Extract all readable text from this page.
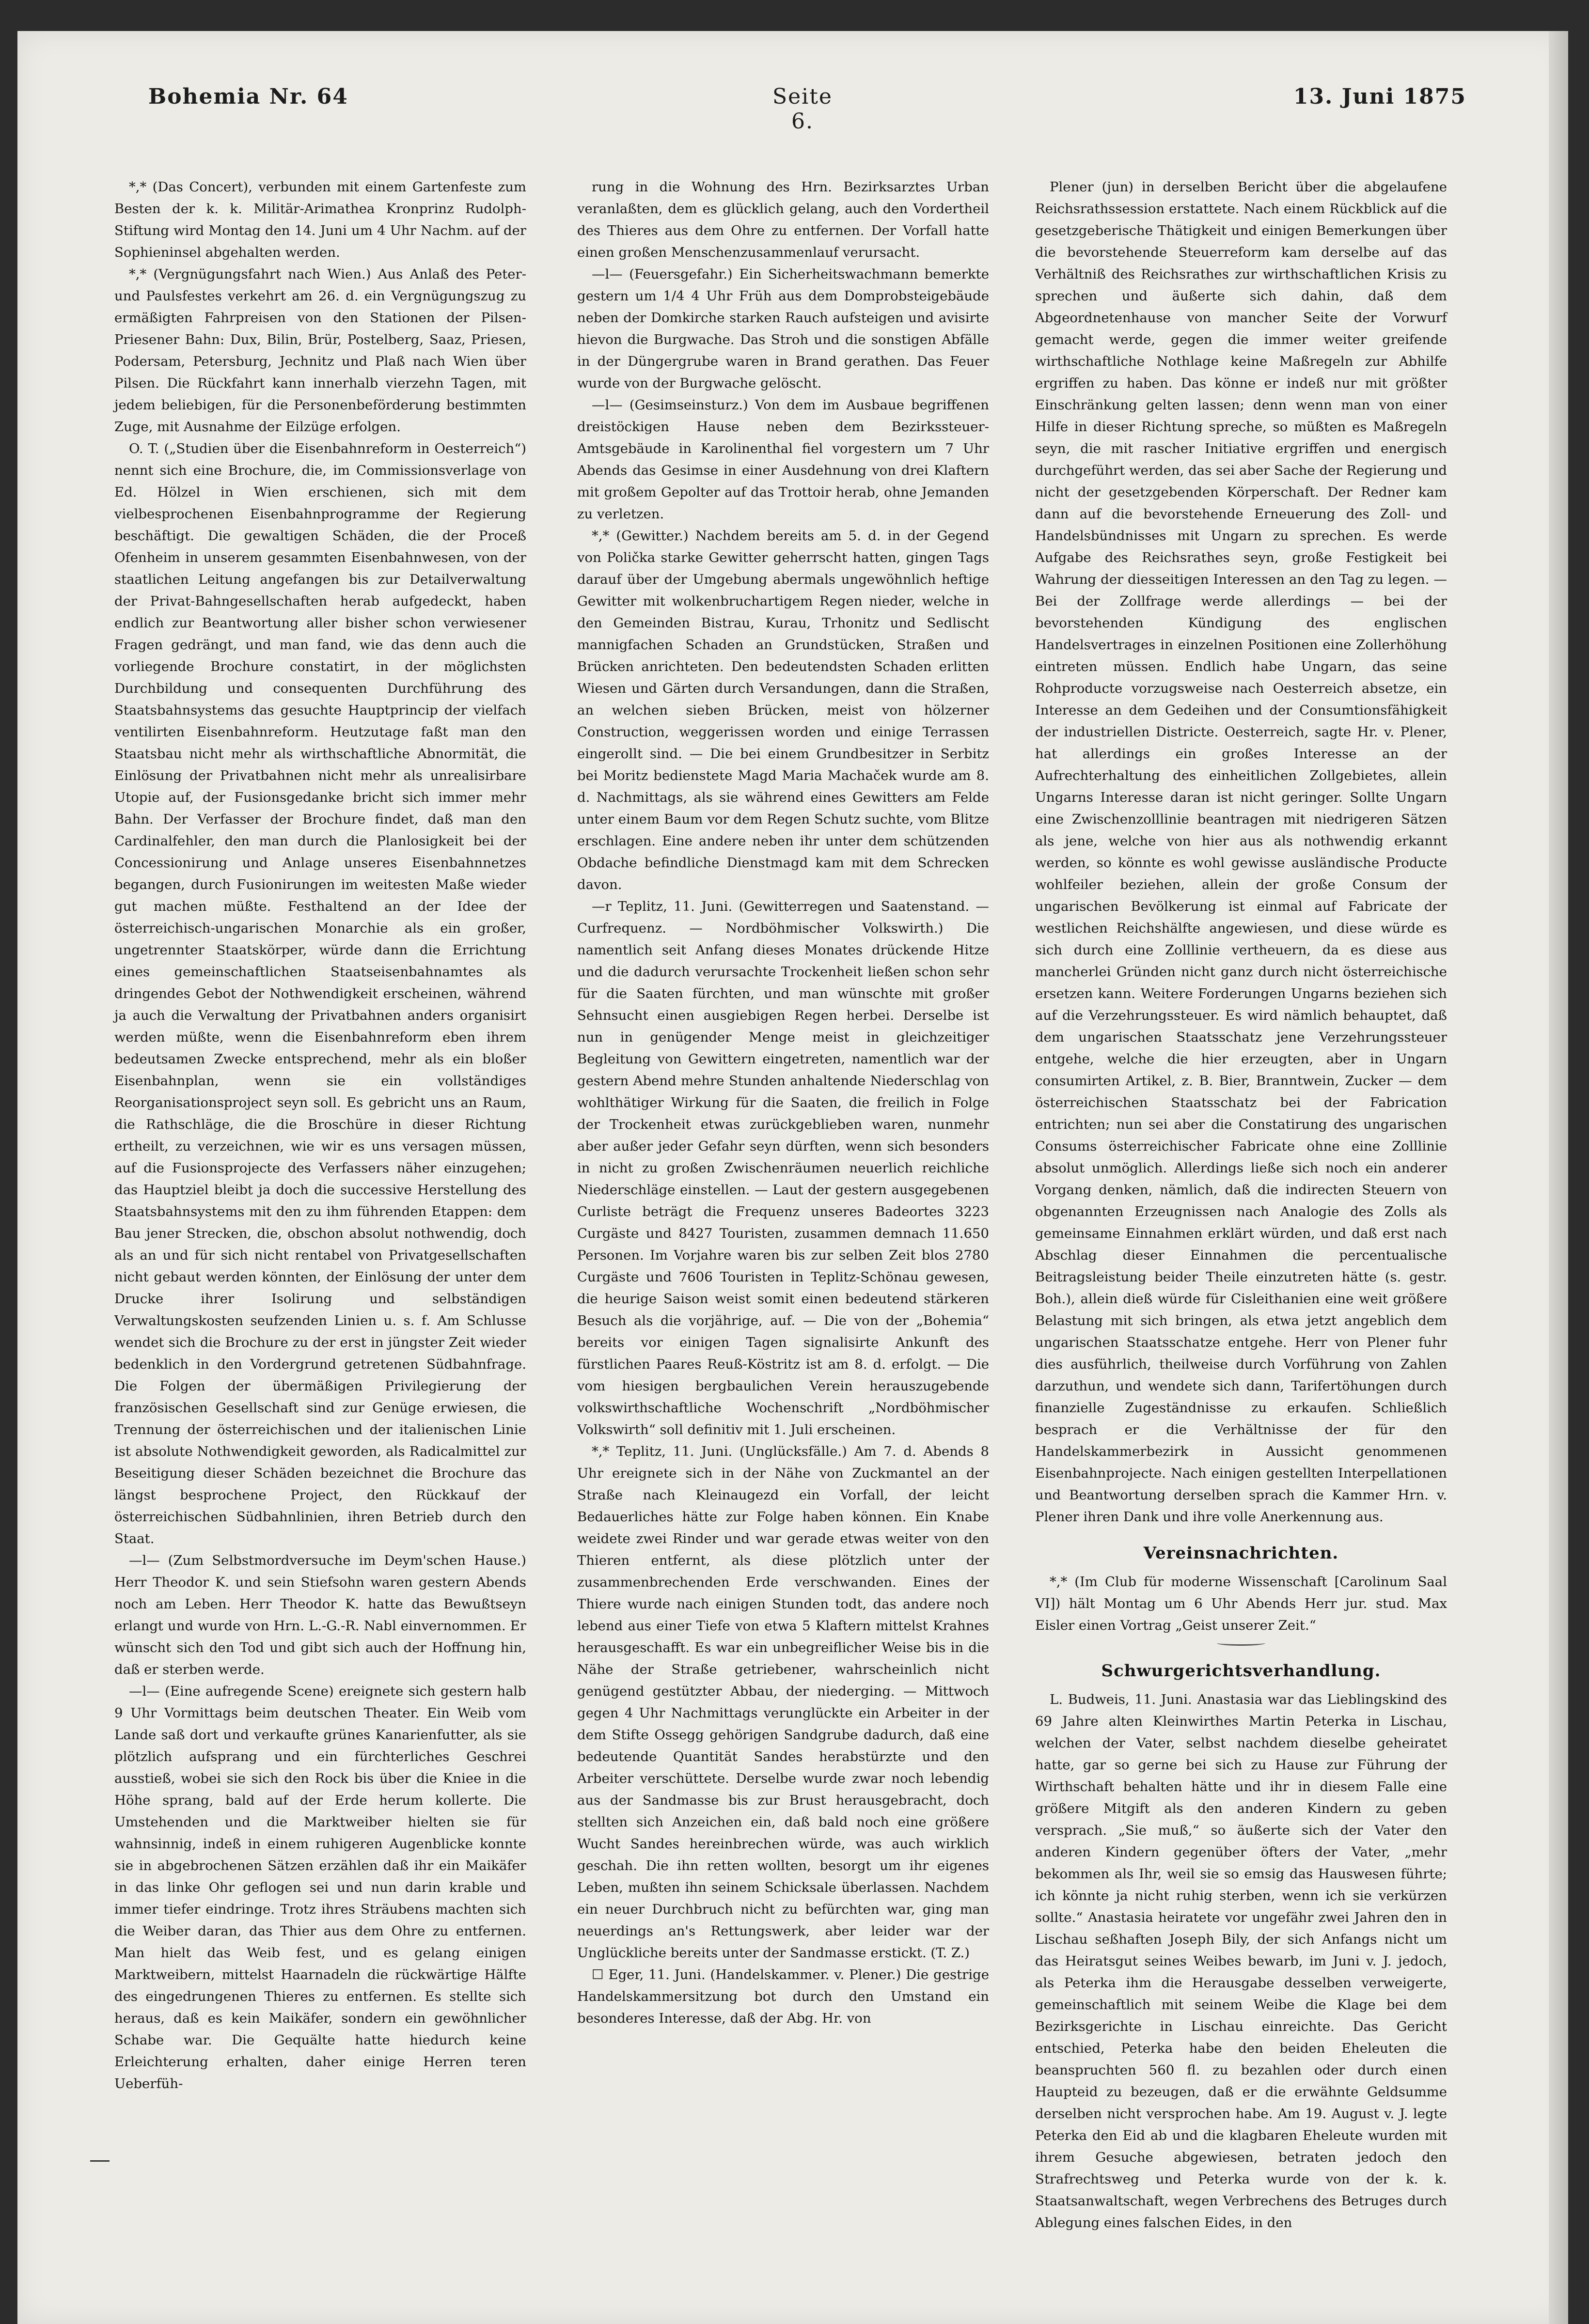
Bohemia Nr. 64	Seite 6.
13. Juni 1875

*,* (Das Concert), verbunden mit einem Gartenfeste zum Besten der k. k. Militär-Arimathea Kronprinz Rudolph-Stiftung wird Montag den 14. Juni um 4 Uhr Nachm. auf der Sophieninsel abgehalten werden.

*,* (Vergnügungsfahrt nach Wien.) Aus Anlaß des Peter- und Paulsfestes verkehrt am 26. d. ein Vergnügungszug zu ermäßigten Fahrpreisen von den Stationen der Pilsen-Priesener Bahn: Dux, Bilin, Brür, Postelberg, Saaz, Priesen, Podersam, Petersburg, Jechnitz und Plaß nach Wien über Pilsen. Die Rückfahrt kann innerhalb vierzehn Tagen, mit jedem beliebigen, für die Personenbeförderung bestimmten Zuge, mit Ausnahme der Eilzüge erfolgen.

O. T. („Studien über die Eisenbahnreform in Oesterreich“) nennt sich eine Brochure, die, im Commissionsverlage von Ed. Hölzel in Wien erschienen, sich mit dem vielbesprochenen Eisenbahnprogramme der Regierung beschäftigt. Die gewaltigen Schäden, die der Proceß Ofenheim in unserem gesammten Eisenbahnwesen, von der staatlichen Leitung angefangen bis zur Detailverwaltung der Privat-Bahngesellschaften herab aufgedeckt, haben endlich zur Beantwortung aller bisher schon verwiesener Fragen gedrängt, und man fand, wie das denn auch die vorliegende Brochure constatirt, in der möglichsten Durchbildung und consequenten Durchführung des Staatsbahnsystems das gesuchte Hauptprincip der vielfach ventilirten Eisenbahnreform. Heutzutage faßt man den Staatsbau nicht mehr als wirthschaftliche Abnormität, die Einlösung der Privatbahnen nicht mehr als unrealisirbare Utopie auf, der Fusionsgedanke bricht sich immer mehr Bahn. Der Verfasser der Brochure findet, daß man den Cardinalfehler, den man durch die Planlosigkeit bei der Concessionirung und Anlage unseres Eisenbahnnetzes begangen, durch Fusionirungen im weitesten Maße wieder gut machen müßte. Festhaltend an der Idee der österreichisch-ungarischen Monarchie als ein großer, ungetrennter Staatskörper, würde dann die Errichtung eines gemeinschaftlichen Staatseisenbahnamtes als dringendes Gebot der Nothwendigkeit erscheinen, während ja auch die Verwaltung der Privatbahnen anders organisirt werden müßte, wenn die Eisenbahnreform eben ihrem bedeutsamen Zwecke entsprechend, mehr als ein bloßer Eisenbahnplan, wenn sie ein vollständiges Reorganisationsproject seyn soll. Es gebricht uns an Raum, die Rathschläge, die die Broschüre in dieser Richtung ertheilt, zu verzeichnen, wie wir es uns versagen müssen, auf die Fusionsprojecte des Verfassers näher einzugehen; das Hauptziel bleibt ja doch die successive Herstellung des Staatsbahnsystems mit den zu ihm führenden Etappen: dem Bau jener Strecken, die, obschon absolut nothwendig, doch als an und für sich nicht rentabel von Privatgesellschaften nicht gebaut werden könnten, der Einlösung der unter dem Drucke ihrer Isolirung und selbständigen Verwaltungskosten seufzenden Linien u. s. f. Am Schlusse wendet sich die Brochure zu der erst in jüngster Zeit wieder bedenklich in den Vordergrund getretenen Südbahnfrage. Die Folgen der übermäßigen Privilegierung der französischen Gesellschaft sind zur Genüge erwiesen, die Trennung der österreichischen und der italienischen Linie ist absolute Nothwendigkeit geworden, als Radicalmittel zur Beseitigung dieser Schäden bezeichnet die Brochure das längst besprochene Project, den Rückkauf der österreichischen Südbahnlinien, ihren Betrieb durch den Staat.

—l— (Zum Selbstmordversuche im Deym'schen Hause.) Herr Theodor K. und sein Stiefsohn waren gestern Abends noch am Leben. Herr Theodor K. hatte das Bewußtseyn erlangt und wurde von Hrn. L.-G.-R. Nabl einvernommen. Er wünscht sich den Tod und gibt sich auch der Hoffnung hin, daß er sterben werde.

—l— (Eine aufregende Scene) ereignete sich gestern halb 9 Uhr Vormittags beim deutschen Theater. Ein Weib vom Lande saß dort und verkaufte grünes Kanarienfutter, als sie plötzlich aufsprang und ein fürchterliches Geschrei ausstieß, wobei sie sich den Rock bis über die Kniee in die Höhe sprang, bald auf der Erde herum kollerte. Die Umstehenden und die Marktweiber hielten sie für wahnsinnig, indeß in einem ruhigeren Augenblicke konnte sie in abgebrochenen Sätzen erzählen daß ihr ein Maikäfer in das linke Ohr geflogen sei und nun darin krable und immer tiefer eindringe. Trotz ihres Sträubens machten sich die Weiber daran, das Thier aus dem Ohre zu entfernen. Man hielt das Weib fest, und es gelang einigen Marktweibern, mittelst Haarnadeln die rückwärtige Hälfte des eingedrungenen Thieres zu entfernen. Es stellte sich heraus, daß es kein Maikäfer, sondern ein gewöhnlicher Schabe war. Die Gequälte hatte hiedurch keine Erleichterung erhalten, daher einige Herren teren Ueberfüh-

rung in die Wohnung des Hrn. Bezirksarztes Urban veranlaßten, dem es glücklich gelang, auch den Vordertheil des Thieres aus dem Ohre zu entfernen. Der Vorfall hatte einen großen Menschenzusammenlauf verursacht.

—l— (Feuersgefahr.) Ein Sicherheitswachmann bemerkte gestern um 1/4 4 Uhr Früh aus dem Domprobsteigebäude neben der Domkirche starken Rauch aufsteigen und avisirte hievon die Burgwache. Das Stroh und die sonstigen Abfälle in der Düngergrube waren in Brand gerathen. Das Feuer wurde von der Burgwache gelöscht.

—l— (Gesimseinsturz.) Von dem im Ausbaue begriffenen dreistöckigen Hause neben dem Bezirkssteuer-Amtsgebäude in Karolinenthal fiel vorgestern um 7 Uhr Abends das Gesimse in einer Ausdehnung von drei Klaftern mit großem Gepolter auf das Trottoir herab, ohne Jemanden zu verletzen.

*,* (Gewitter.) Nachdem bereits am 5. d. in der Gegend von Polička starke Gewitter geherrscht hatten, gingen Tags darauf über der Umgebung abermals ungewöhnlich heftige Gewitter mit wolkenbruchartigem Regen nieder, welche in den Gemeinden Bistrau, Kurau, Trhonitz und Sedlischt mannigfachen Schaden an Grundstücken, Straßen und Brücken anrichteten. Den bedeutendsten Schaden erlitten Wiesen und Gärten durch Versandungen, dann die Straßen, an welchen sieben Brücken, meist von hölzerner Construction, weggerissen worden und einige Terrassen eingerollt sind. — Die bei einem Grundbesitzer in Serbitz bei Moritz bedienstete Magd Maria Machaček wurde am 8. d. Nachmittags, als sie während eines Gewitters am Felde unter einem Baum vor dem Regen Schutz suchte, vom Blitze erschlagen. Eine andere neben ihr unter dem schützenden Obdache befindliche Dienstmagd kam mit dem Schrecken davon.

—r Teplitz, 11. Juni. (Gewitterregen und Saatenstand. — Curfrequenz. — Nordböhmischer Volkswirth.) Die namentlich seit Anfang dieses Monates drückende Hitze und die dadurch verursachte Trockenheit ließen schon sehr für die Saaten fürchten, und man wünschte mit großer Sehnsucht einen ausgiebigen Regen herbei. Derselbe ist nun in genügender Menge meist in gleichzeitiger Begleitung von Gewittern eingetreten, namentlich war der gestern Abend mehre Stunden anhaltende Niederschlag von wohlthätiger Wirkung für die Saaten, die freilich in Folge der Trockenheit etwas zurückgeblieben waren, nunmehr aber außer jeder Gefahr seyn dürften, wenn sich besonders in nicht zu großen Zwischenräumen neuerlich reichliche Niederschläge einstellen. — Laut der gestern ausgegebenen Curliste beträgt die Frequenz unseres Badeortes 3223 Curgäste und 8427 Touristen, zusammen demnach 11.650 Personen. Im Vorjahre waren bis zur selben Zeit blos 2780 Curgäste und 7606 Touristen in Teplitz-Schönau gewesen, die heurige Saison weist somit einen bedeutend stärkeren Besuch als die vorjährige, auf. — Die von der „Bohemia“ bereits vor einigen Tagen signalisirte Ankunft des fürstlichen Paares Reuß-Köstritz ist am 8. d. erfolgt. — Die vom hiesigen bergbaulichen Verein herauszugebende volkswirthschaftliche Wochenschrift „Nordböhmischer Volkswirth“ soll definitiv mit 1. Juli erscheinen.

*,* Teplitz, 11. Juni. (Unglücksfälle.) Am 7. d. Abends 8 Uhr ereignete sich in der Nähe von Zuckmantel an der Straße nach Kleinaugezd ein Vorfall, der leicht Bedauerliches hätte zur Folge haben können. Ein Knabe weidete zwei Rinder und war gerade etwas weiter von den Thieren entfernt, als diese plötzlich unter der zusammenbrechenden Erde verschwanden. Eines der Thiere wurde nach einigen Stunden todt, das andere noch lebend aus einer Tiefe von etwa 5 Klaftern mittelst Krahnes herausgeschafft. Es war ein unbegreiflicher Weise bis in die Nähe der Straße getriebener, wahrscheinlich nicht genügend gestützter Abbau, der niederging. — Mittwoch gegen 4 Uhr Nachmittags verunglückte ein Arbeiter in der dem Stifte Ossegg gehörigen Sandgrube dadurch, daß eine bedeutende Quantität Sandes herabstürzte und den Arbeiter verschüttete. Derselbe wurde zwar noch lebendig aus der Sandmasse bis zur Brust herausgebracht, doch stellten sich Anzeichen ein, daß bald noch eine größere Wucht Sandes hereinbrechen würde, was auch wirklich geschah. Die ihn retten wollten, besorgt um ihr eigenes Leben, mußten ihn seinem Schicksale überlassen. Nachdem ein neuer Durchbruch nicht zu befürchten war, ging man neuerdings an's Rettungswerk, aber leider war der Unglückliche bereits unter der Sandmasse erstickt. (T. Z.)

☐ Eger, 11. Juni. (Handelskammer. v. Plener.) Die gestrige Handelskammersitzung bot durch den Umstand ein besonderes Interesse, daß der Abg. Hr. von

Plener (jun) in derselben Bericht über die abgelaufene Reichsrathssession erstattete. Nach einem Rückblick auf die gesetzgeberische Thätigkeit und einigen Bemerkungen über die bevorstehende Steuerreform kam derselbe auf das Verhältniß des Reichsrathes zur wirthschaftlichen Krisis zu sprechen und äußerte sich dahin, daß dem Abgeordnetenhause von mancher Seite der Vorwurf gemacht werde, gegen die immer weiter greifende wirthschaftliche Nothlage keine Maßregeln zur Abhilfe ergriffen zu haben. Das könne er indeß nur mit größter Einschränkung gelten lassen; denn wenn man von einer Hilfe in dieser Richtung spreche, so müßten es Maßregeln seyn, die mit rascher Initiative ergriffen und energisch durchgeführt werden, das sei aber Sache der Regierung und nicht der gesetzgebenden Körperschaft. Der Redner kam dann auf die bevorstehende Erneuerung des Zoll- und Handelsbündnisses mit Ungarn zu sprechen. Es werde Aufgabe des Reichsrathes seyn, große Festigkeit bei Wahrung der diesseitigen Interessen an den Tag zu legen. — Bei der Zollfrage werde allerdings — bei der bevorstehenden Kündigung des englischen Handelsvertrages in einzelnen Positionen eine Zollerhöhung eintreten müssen. Endlich habe Ungarn, das seine Rohproducte vorzugsweise nach Oesterreich absetze, ein Interesse an dem Gedeihen und der Consumtionsfähigkeit der industriellen Districte. Oesterreich, sagte Hr. v. Plener, hat allerdings ein großes Interesse an der Aufrechterhaltung des einheitlichen Zollgebietes, allein Ungarns Interesse daran ist nicht geringer. Sollte Ungarn eine Zwischenzolllinie beantragen mit niedrigeren Sätzen als jene, welche von hier aus als nothwendig erkannt werden, so könnte es wohl gewisse ausländische Producte wohlfeiler beziehen, allein der große Consum der ungarischen Bevölkerung ist einmal auf Fabricate der westlichen Reichshälfte angewiesen, und diese würde es sich durch eine Zolllinie vertheuern, da es diese aus mancherlei Gründen nicht ganz durch nicht österreichische ersetzen kann. Weitere Forderungen Ungarns beziehen sich auf die Verzehrungssteuer. Es wird nämlich behauptet, daß dem ungarischen Staatsschatz jene Verzehrungssteuer entgehe, welche die hier erzeugten, aber in Ungarn consumirten Artikel, z. B. Bier, Branntwein, Zucker — dem österreichischen Staatsschatz bei der Fabrication entrichten; nun sei aber die Constatirung des ungarischen Consums österreichischer Fabricate ohne eine Zolllinie absolut unmöglich. Allerdings ließe sich noch ein anderer Vorgang denken, nämlich, daß die indirecten Steuern von obgenannten Erzeugnissen nach Analogie des Zolls als gemeinsame Einnahmen erklärt würden, und daß erst nach Abschlag dieser Einnahmen die percentualische Beitragsleistung beider Theile einzutreten hätte (s. gestr. Boh.), allein dieß würde für Cisleithanien eine weit größere Belastung mit sich bringen, als etwa jetzt angeblich dem ungarischen Staatsschatze entgehe. Herr von Plener fuhr dies ausführlich, theilweise durch Vorführung von Zahlen darzuthun, und wendete sich dann, Tarifertöhungen durch finanzielle Zugeständnisse zu erkaufen. Schließlich besprach er die Verhältnisse der für den Handelskammerbezirk in Aussicht genommenen Eisenbahnprojecte. Nach einigen gestellten Interpellationen und Beantwortung derselben sprach die Kammer Hrn. v. Plener ihren Dank und ihre volle Anerkennung aus.

Vereinsnachrichten.

*,* (Im Club für moderne Wissenschaft [Carolinum Saal VI]) hält Montag um 6 Uhr Abends Herr jur. stud. Max Eisler einen Vortrag „Geist unserer Zeit.“

Schwurgerichtsverhandlung.

L. Budweis, 11. Juni. Anastasia war das Lieblingskind des 69 Jahre alten Kleinwirthes Martin Peterka in Lischau, welchen der Vater, selbst nachdem dieselbe geheiratet hatte, gar so gerne bei sich zu Hause zur Führung der Wirthschaft behalten hätte und ihr in diesem Falle eine größere Mitgift als den anderen Kindern zu geben versprach. „Sie muß,“ so äußerte sich der Vater den anderen Kindern gegenüber öfters der Vater, „mehr bekommen als Ihr, weil sie so emsig das Hauswesen führte; ich könnte ja nicht ruhig sterben, wenn ich sie verkürzen sollte.“ Anastasia heiratete vor ungefähr zwei Jahren den in Lischau seßhaften Joseph Bily, der sich Anfangs nicht um das Heiratsgut seines Weibes bewarb, im Juni v. J. jedoch, als Peterka ihm die Herausgabe desselben verweigerte, gemeinschaftlich mit seinem Weibe die Klage bei dem Bezirksgerichte in Lischau einreichte. Das Gericht entschied, Peterka habe den beiden Eheleuten die beanspruchten 560 fl. zu bezahlen oder durch einen Haupteid zu bezeugen, daß er die erwähnte Geldsumme derselben nicht versprochen habe. Am 19. August v. J. legte Peterka den Eid ab und die klagbaren Eheleute wurden mit ihrem Gesuche abgewiesen, betraten jedoch den Strafrechtsweg und Peterka wurde von der k. k. Staatsanwaltschaft, wegen Verbrechens des Betruges durch Ablegung eines falschen Eides, in den
